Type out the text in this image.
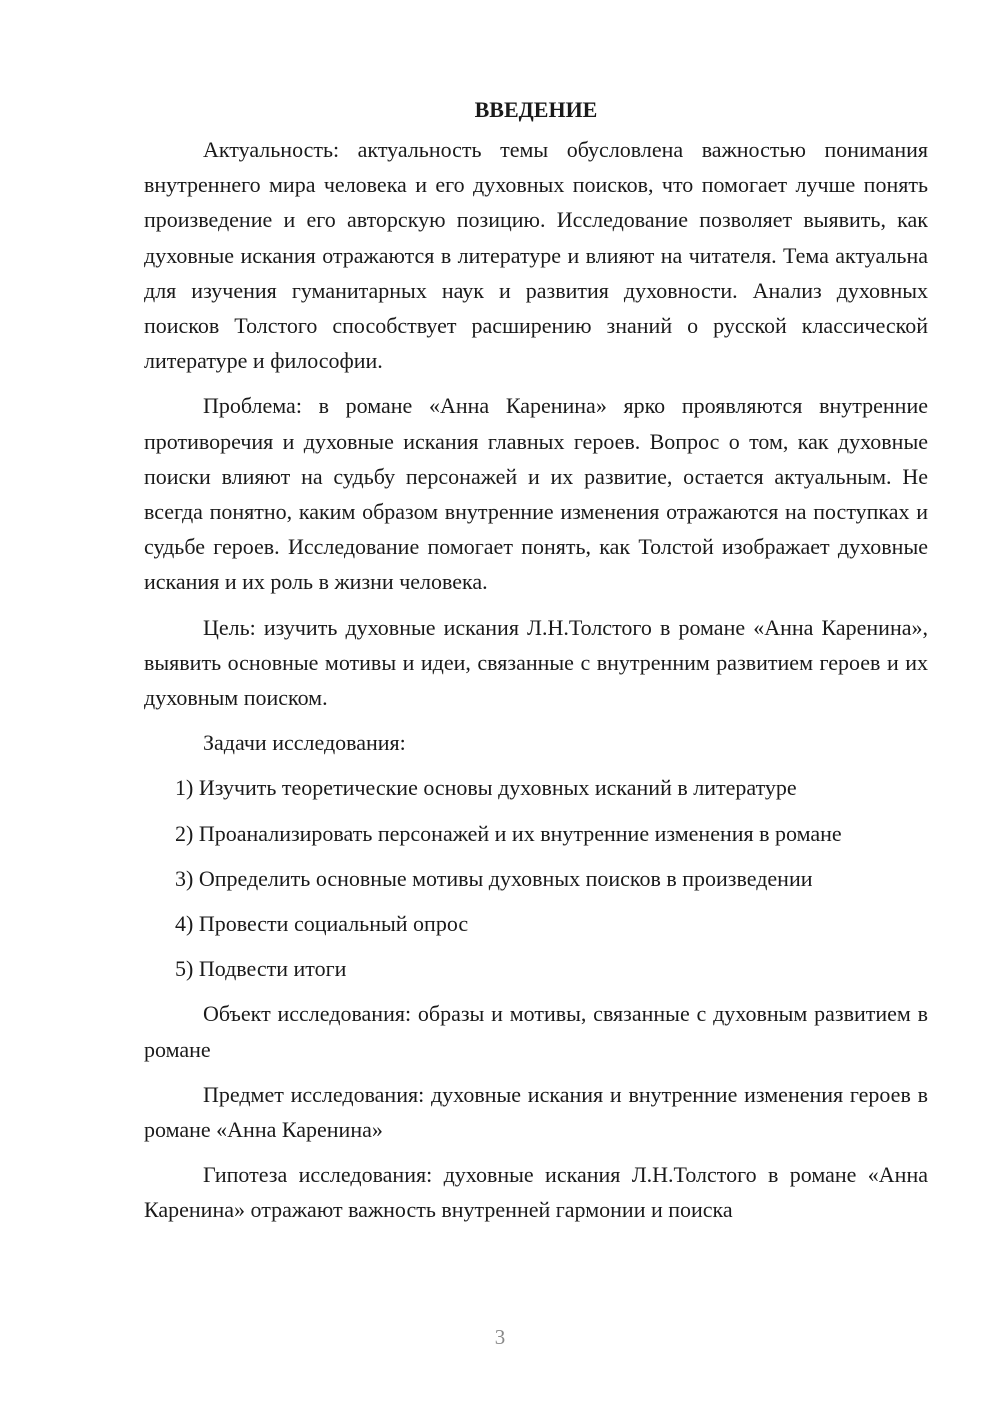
ВВЕДЕНИЕ

Актуальность: актуальность темы обусловлена важностью понимания внутреннего мира человека и его духовных поисков, что помогает лучше понять произведение и его авторскую позицию. Исследование позволяет выявить, как духовные искания отражаются в литературе и влияют на читателя. Тема актуальна для изучения гуманитарных наук и развития духовности. Анализ духовных поисков Толстого способствует расширению знаний о русской классической литературе и философии.

Проблема: в романе «Анна Каренина» ярко проявляются внутренние противоречия и духовные искания главных героев. Вопрос о том, как духовные поиски влияют на судьбу персонажей и их развитие, остается актуальным. Не всегда понятно, каким образом внутренние изменения отражаются на поступках и судьбе героев. Исследование помогает понять, как Толстой изображает духовные искания и их роль в жизни человека.

Цель: изучить духовные искания Л.Н.Толстого в романе «Анна Каренина», выявить основные мотивы и идеи, связанные с внутренним развитием героев и их духовным поиском.

Задачи исследования:

1) Изучить теоретические основы духовных исканий в литературе
2) Проанализировать персонажей и их внутренние изменения в романе
3) Определить основные мотивы духовных поисков в произведении
4) Провести социальный опрос
5) Подвести итоги

Объект исследования: образы и мотивы, связанные с духовным развитием в романе

Предмет исследования: духовные искания и внутренние изменения героев в романе «Анна Каренина»

Гипотеза исследования: духовные искания Л.Н.Толстого в романе «Анна Каренина» отражают важность внутренней гармонии и поиска

3
